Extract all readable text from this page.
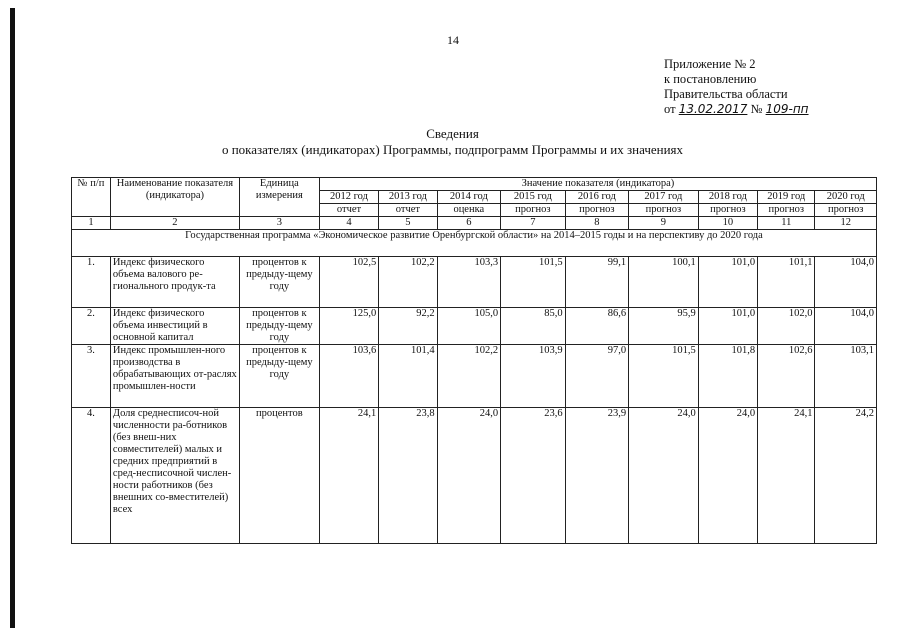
14
Приложение № 2
к постановлению
Правительства области
от 13.02.2017 № 109-пп
Сведения
о показателях (индикаторах) Программы, подпрограмм Программы и их значениях
№ п/п	Наименование показателя (индикатора)	Единица измерения	Значение показателя (индикатора)								
			2012 год	2013 год	2014 год	2015 год	2016 год	2017 год	2018 год	2019 год	2020 год
			отчет	отчет	оценка	прогноз	прогноз	прогноз	прогноз	прогноз	прогноз
1	2	3	4	5	6	7	8	9	10	11	12
Государственная программа «Экономическое развитие Оренбургской области» на 2014–2015 годы и на перспективу до 2020 года											
1.	Индекс физического объема валового ре-гионального продук-та	процентов к предыду-щему году	102,5	102,2	103,3	101,5	99,1	100,1	101,0	101,1	104,0
2.	Индекс физического объема инвестиций в основной капитал	процентов к предыду-щему году	125,0	92,2	105,0	85,0	86,6	95,9	101,0	102,0	104,0
3.	Индекс промышлен-ного производства в обрабатывающих от-раслях промышлен-ности	процентов к предыду-щему году	103,6	101,4	102,2	103,9	97,0	101,5	101,8	102,6	103,1
4.	Доля среднесписоч-ной численности ра-ботников (без внеш-них совместителей) малых и средних предприятий в сред-несписочной числен-ности работников (без внешних со-вместителей) всех	процентов	24,1	23,8	24,0	23,6	23,9	24,0	24,0	24,1	24,2
